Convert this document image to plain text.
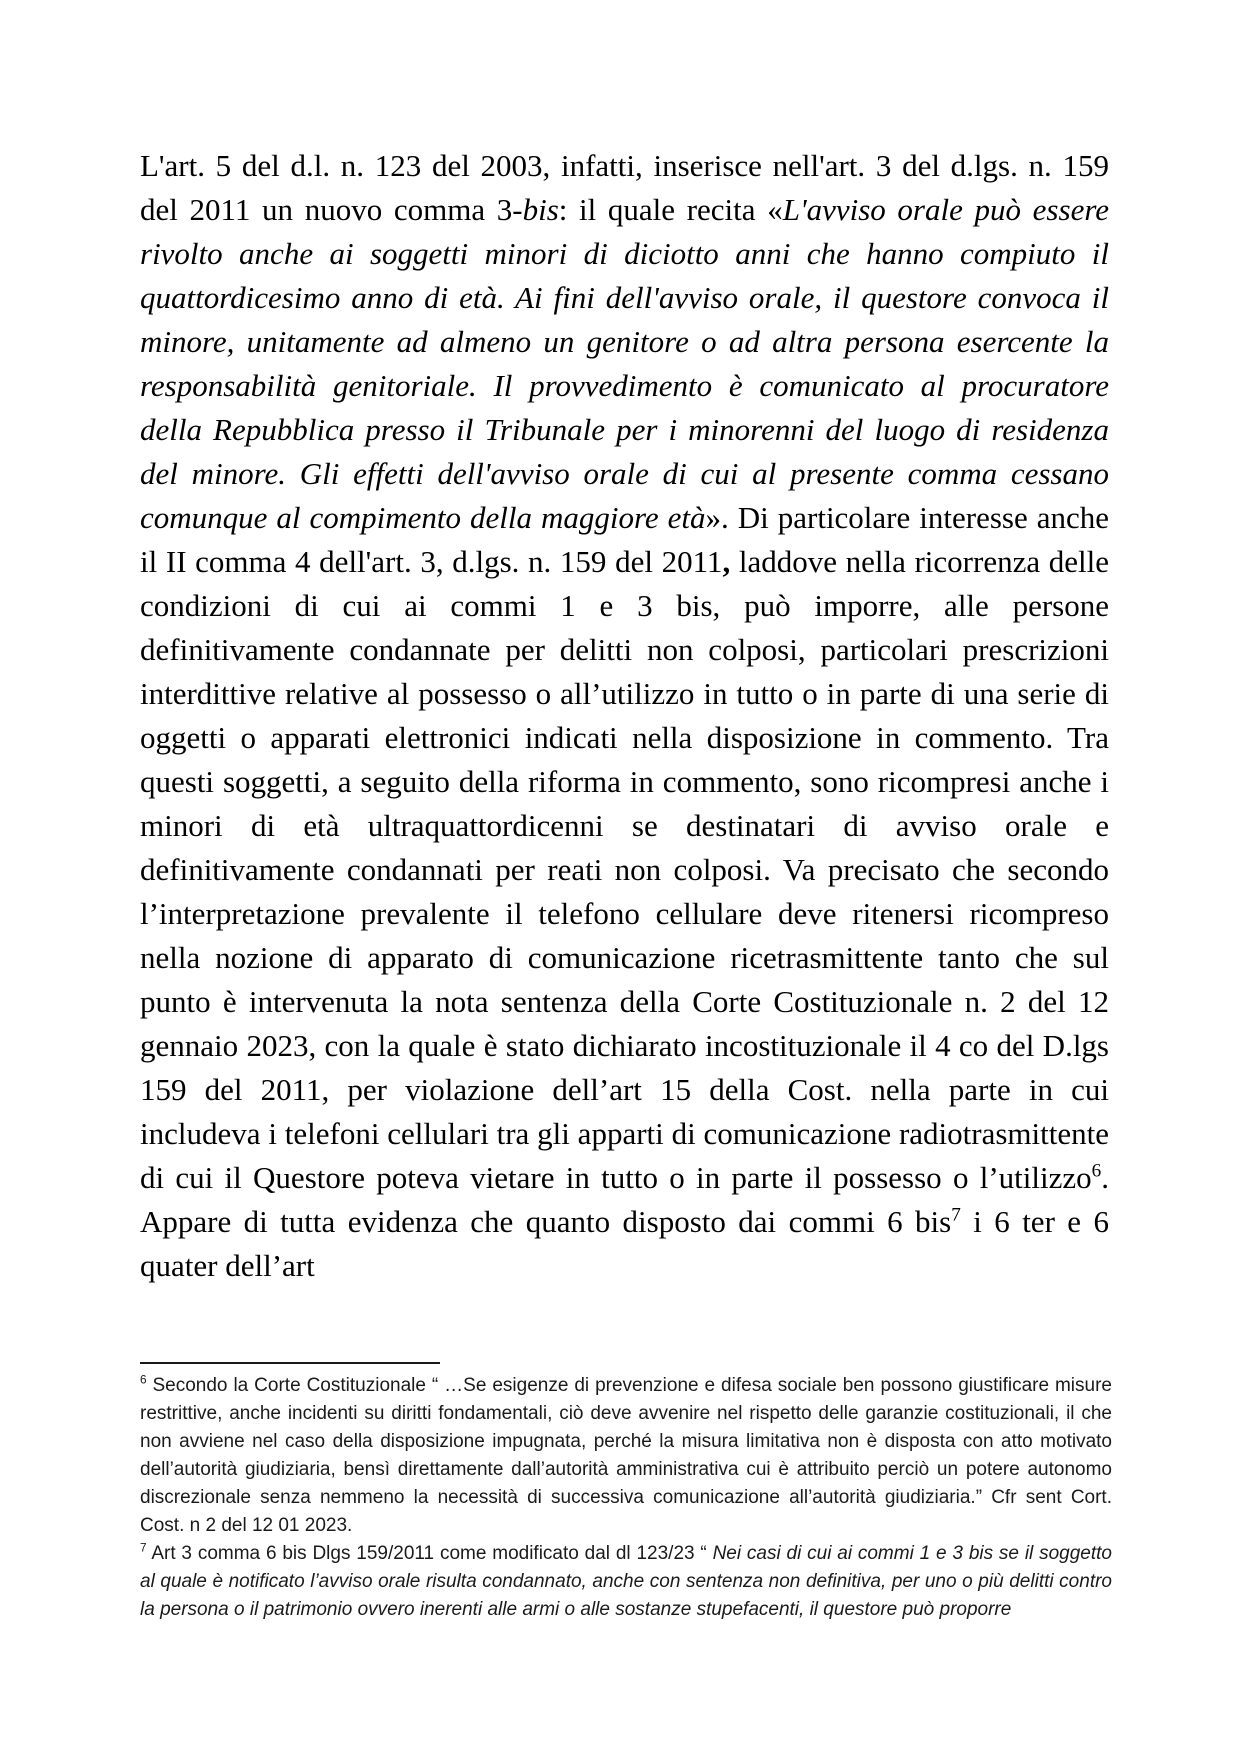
L'art. 5 del d.l. n. 123 del 2003, infatti, inserisce nell'art. 3 del d.lgs. n. 159 del 2011 un nuovo comma 3-bis: il quale recita «L'avviso orale può essere rivolto anche ai soggetti minori di diciotto anni che hanno compiuto il quattordicesimo anno di età. Ai fini dell'avviso orale, il questore convoca il minore, unitamente ad almeno un genitore o ad altra persona esercente la responsabilità genitoriale. Il provvedimento è comunicato al procuratore della Repubblica presso il Tribunale per i minorenni del luogo di residenza del minore. Gli effetti dell'avviso orale di cui al presente comma cessano comunque al compimento della maggiore età». Di particolare interesse anche il II comma 4 dell'art. 3, d.lgs. n. 159 del 2011, laddove nella ricorrenza delle condizioni di cui ai commi 1 e 3 bis, può imporre, alle persone definitivamente condannate per delitti non colposi, particolari prescrizioni interdittive relative al possesso o all’utilizzo in tutto o in parte di una serie di oggetti o apparati elettronici indicati nella disposizione in commento. Tra questi soggetti, a seguito della riforma in commento, sono ricompresi anche i minori di età ultraquattordicenni se destinatari di avviso orale e definitivamente condannati per reati non colposi. Va precisato che secondo l’interpretazione prevalente il telefono cellulare deve ritenersi ricompreso nella nozione di apparato di comunicazione ricetrasmittente tanto che sul punto è intervenuta la nota sentenza della Corte Costituzionale n. 2 del 12 gennaio 2023, con la quale è stato dichiarato incostituzionale il 4 co del D.lgs 159 del 2011, per violazione dell’art 15 della Cost. nella parte in cui includeva i telefoni cellulari tra gli apparti di comunicazione radiotrasmittente di cui il Questore poteva vietare in tutto o in parte il possesso o l’utilizzo$^6$. Appare di tutta evidenza che quanto disposto dai commi 6 bis$^7$ i 6 ter e 6 quater dell’art

$^6$ Secondo la Corte Costituzionale “ …Se esigenze di prevenzione e difesa sociale ben possono giustificare misure restrittive, anche incidenti su diritti fondamentali, ciò deve avvenire nel rispetto delle garanzie costituzionali, il che non avviene nel caso della disposizione impugnata, perché la misura limitativa non è disposta con atto motivato dell’autorità giudiziaria, bensì direttamente dall’autorità amministrativa cui è attribuito perciò un potere autonomo discrezionale senza nemmeno la necessità di successiva comunicazione all’autorità giudiziaria.” Cfr sent Cort. Cost. n 2 del 12 01 2023.
$^7$ Art 3 comma 6 bis Dlgs 159/2011 come modificato dal dl 123/23 “ Nei casi di cui ai commi 1 e 3 bis se il soggetto al quale è notificato l’avviso orale risulta condannato, anche con sentenza non definitiva, per uno o più delitti contro la persona o il patrimonio ovvero inerenti alle armi o alle sostanze stupefacenti, il questore può proporre
